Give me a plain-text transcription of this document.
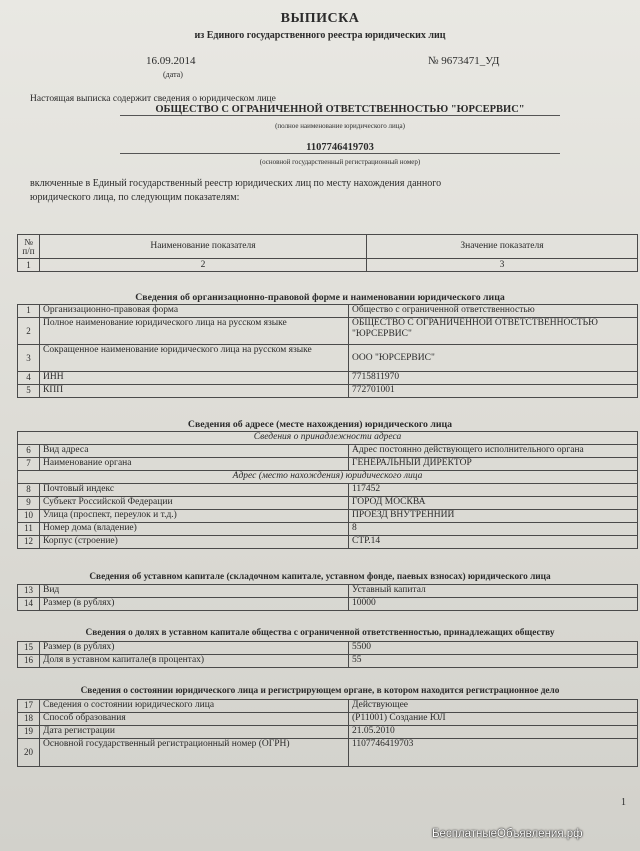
ВЫПИСКА
из Единого государственного реестра юридических лиц
16.09.2014
(дата)
№ 9673471_УД
Настоящая выписка содержит сведения о юридическом лице
ОБЩЕСТВО С ОГРАНИЧЕННОЙ ОТВЕТСТВЕННОСТЬЮ "ЮРСЕРВИС"
(полное наименование юридического лица)
1107746419703
(основной государственный регистрационный номер)
включенные в Единый государственный реестр юридических лиц по месту нахождения данного юридического лица, по следующим показателям:
№ п/п	Наименование показателя	Значение показателя
1	2	3
Сведения об организационно-правовой форме и наименовании юридического лица
1	Организационно-правовая форма	Общество с ограниченной ответственностью
2	Полное наименование юридического лица на русском языке	ОБЩЕСТВО С ОГРАНИЧЕННОЙ ОТВЕТСТВЕННОСТЬЮ "ЮРСЕРВИС"
3	Сокращенное наименование юридического лица на русском языке	ООО "ЮРСЕРВИС"
4	ИНН	7715811970
5	КПП	772701001
Сведения об адресе (месте нахождения) юридического лица
Сведения о принадлежности адреса		
6	Вид адреса	Адрес постоянно действующего исполнительного органа
7	Наименование органа	ГЕНЕРАЛЬНЫЙ ДИРЕКТОР
Адрес (место нахождения) юридического лица		
8	Почтовый индекс	117452
9	Субъект Российской Федерации	ГОРОД МОСКВА
10	Улица (проспект, переулок и т.д.)	ПРОЕЗД ВНУТРЕННИЙ
11	Номер дома (владение)	8
12	Корпус (строение)	СТР.14
Сведения об уставном капитале (складочном капитале, уставном фонде, паевых взносах) юридического лица
13	Вид	Уставный капитал
14	Размер (в рублях)	10000
Сведения о долях в уставном капитале общества с ограниченной ответственностью, принадлежащих обществу
15	Размер (в рублях)	5500
16	Доля в уставном капитале(в процентах)	55
Сведения о состоянии юридического лица и регистрирующем органе, в котором находится регистрационное дело
17	Сведения о состоянии юридического лица	Действующее
18	Способ образования	(Р11001) Создание ЮЛ
19	Дата регистрации	21.05.2010
20	Основной государственный регистрационный номер (ОГРН)	1107746419703
1
БесплатныеОбъявления.рф
